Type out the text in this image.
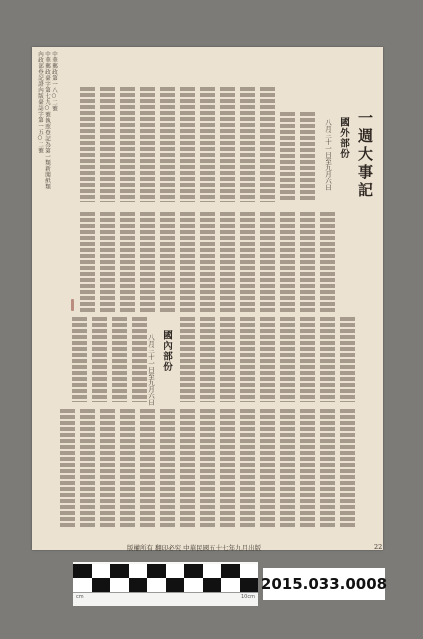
一週大事記
國外部份
八月三十一日至九月六日
國內部份
八月三十一日至九月六日
內政部登記證內版臺誌字第一五○二號 中華郵政臺字第七九○號執照登記為第一類新聞紙類 中華郵政第一八○二號
版權所有 翻印必究 中華民國五十七年九月出版	22
cm	10cm
2015.033.0008
